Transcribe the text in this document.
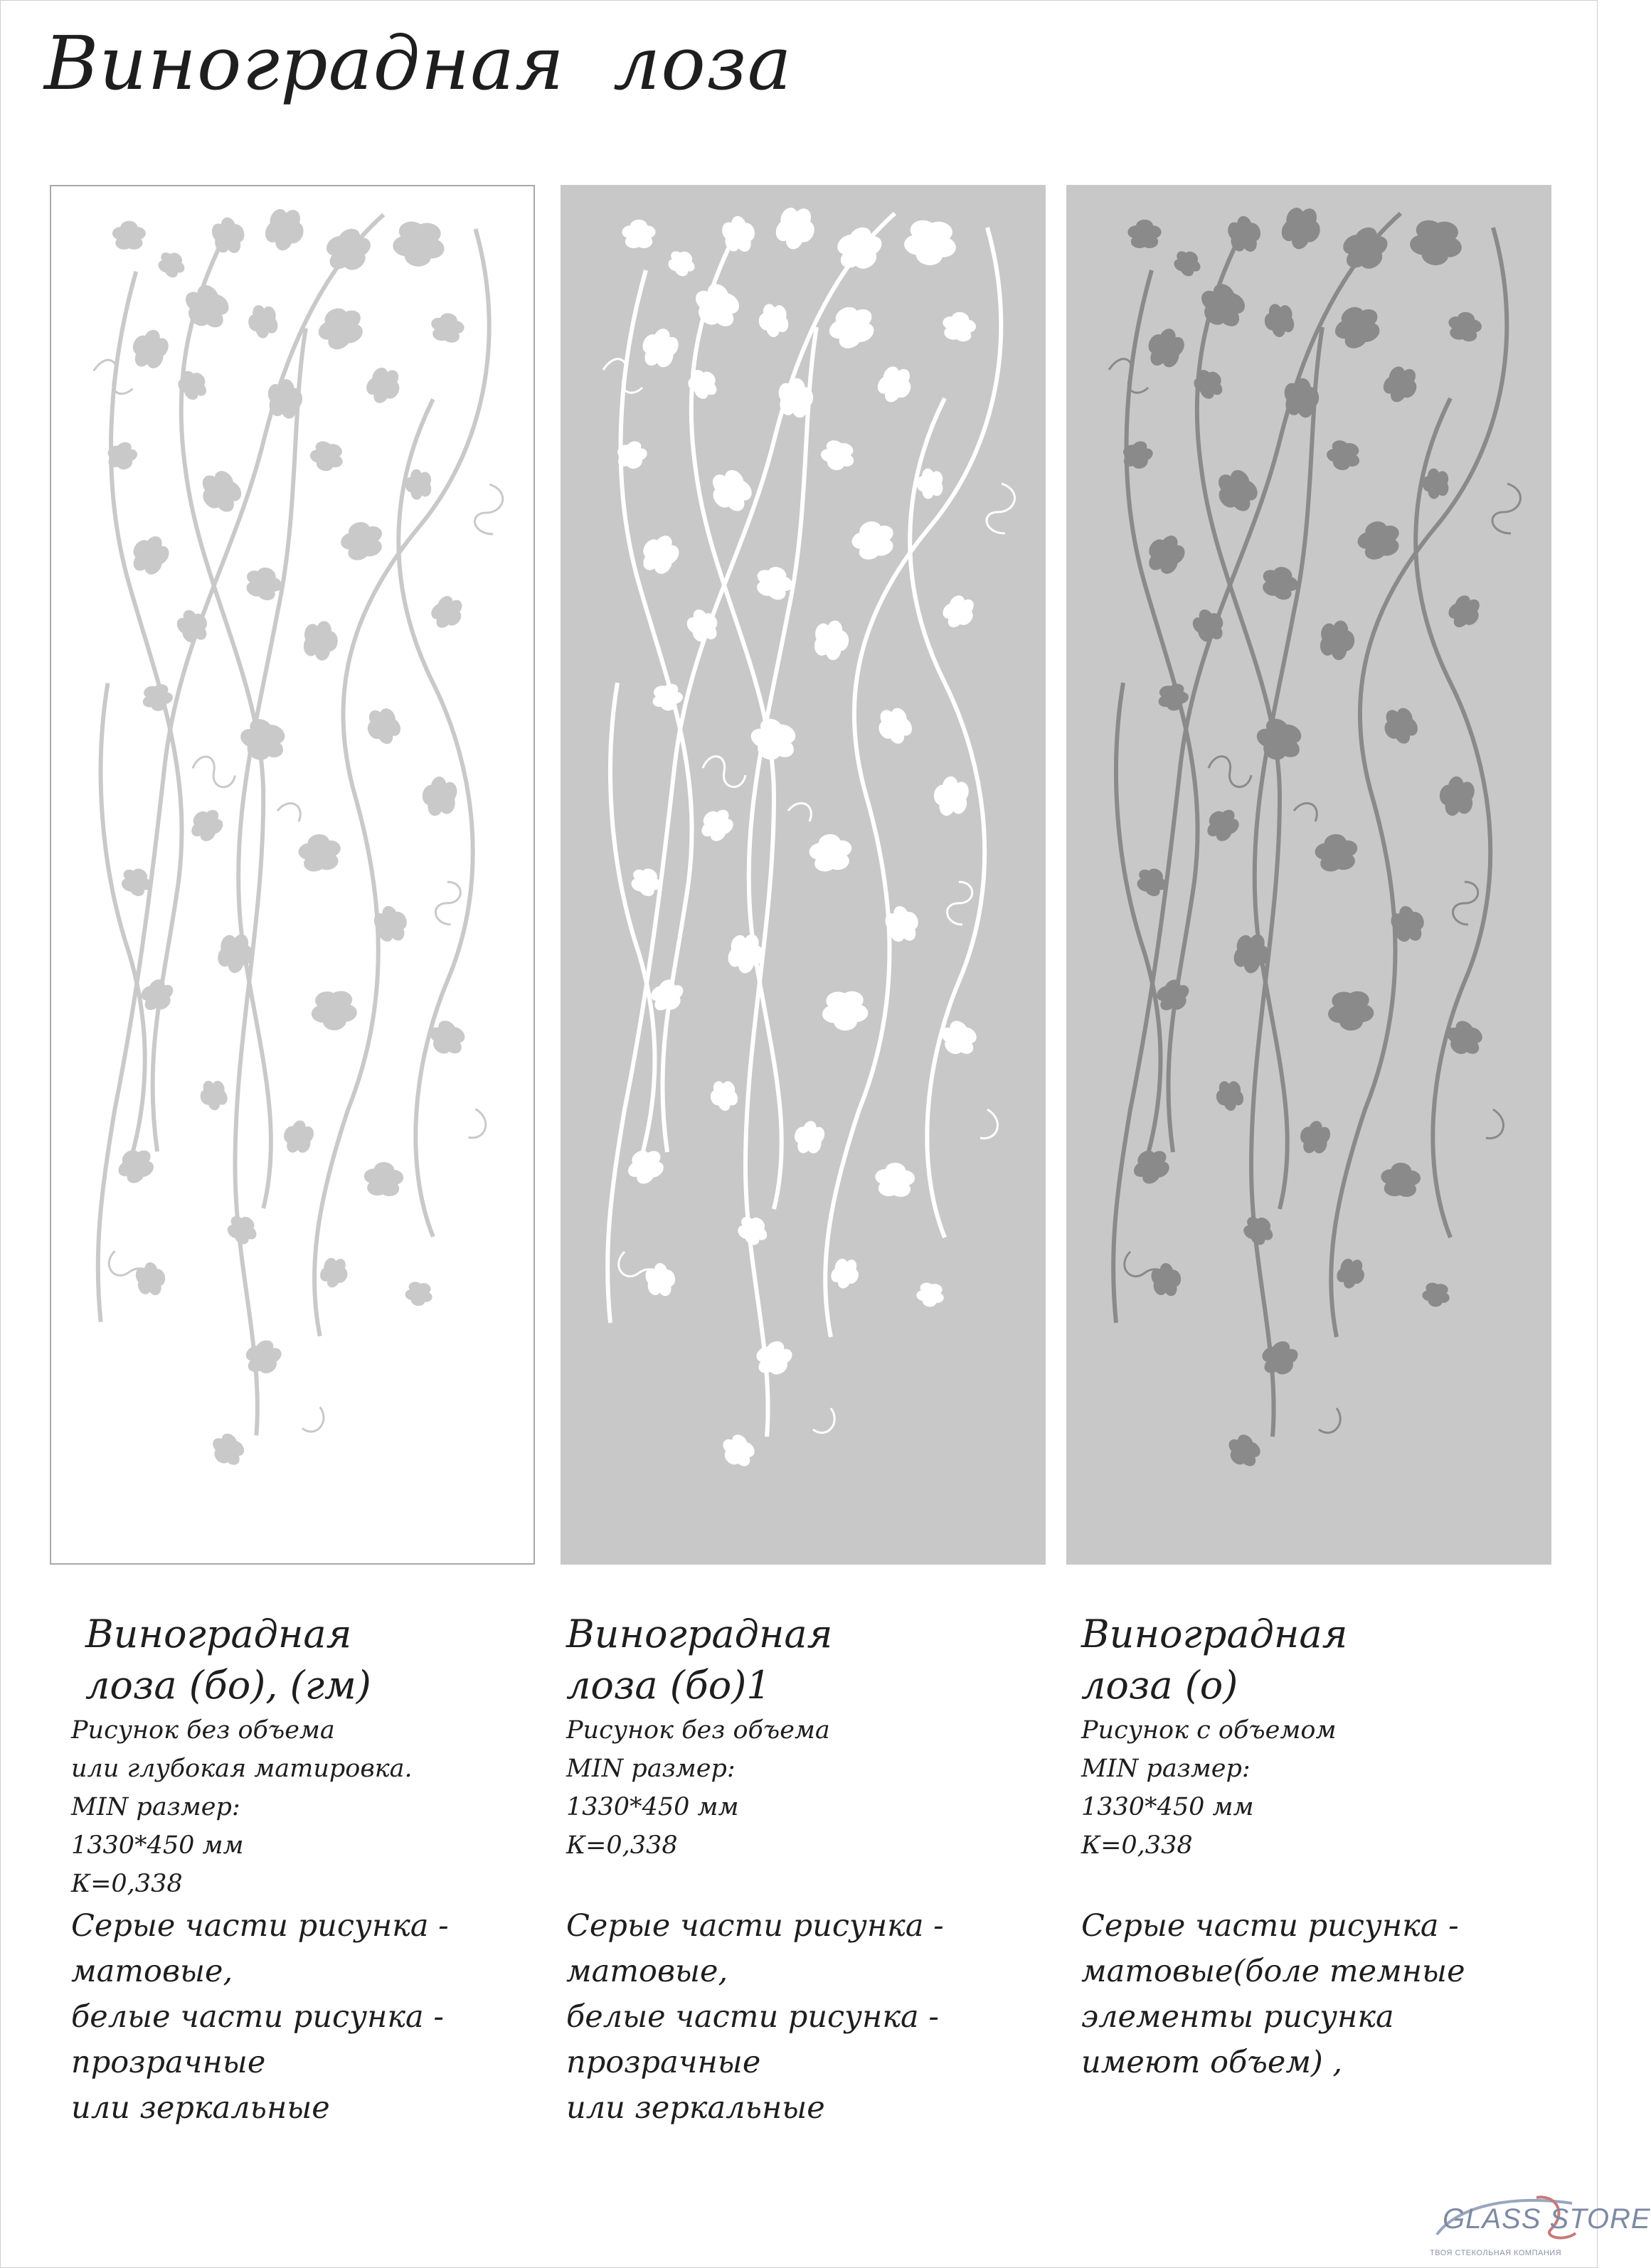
Виноградная  лоза
Виноградная
лоза (бо), (гм)
Рисунок без объема
или глубокая матировка.
MIN размер:
1330*450 мм
К=0,338
Серые части рисунка -
матовые,
белые части рисунка -
прозрачные
или зеркальные
Виноградная
лоза (бо)1
Рисунок без объема
MIN размер:
1330*450 мм
К=0,338

Серые части рисунка -
матовые,
белые части рисунка -
прозрачные
или зеркальные
Виноградная
лоза (о)
Рисунок с объемом
MIN размер:
1330*450 мм
К=0,338

Серые части рисунка -
матовые(боле темные
элементы рисунка
имеют объем) ,
GLASS STORE
ТВОЯ СТЕКОЛЬНАЯ КОМПАНИЯ
